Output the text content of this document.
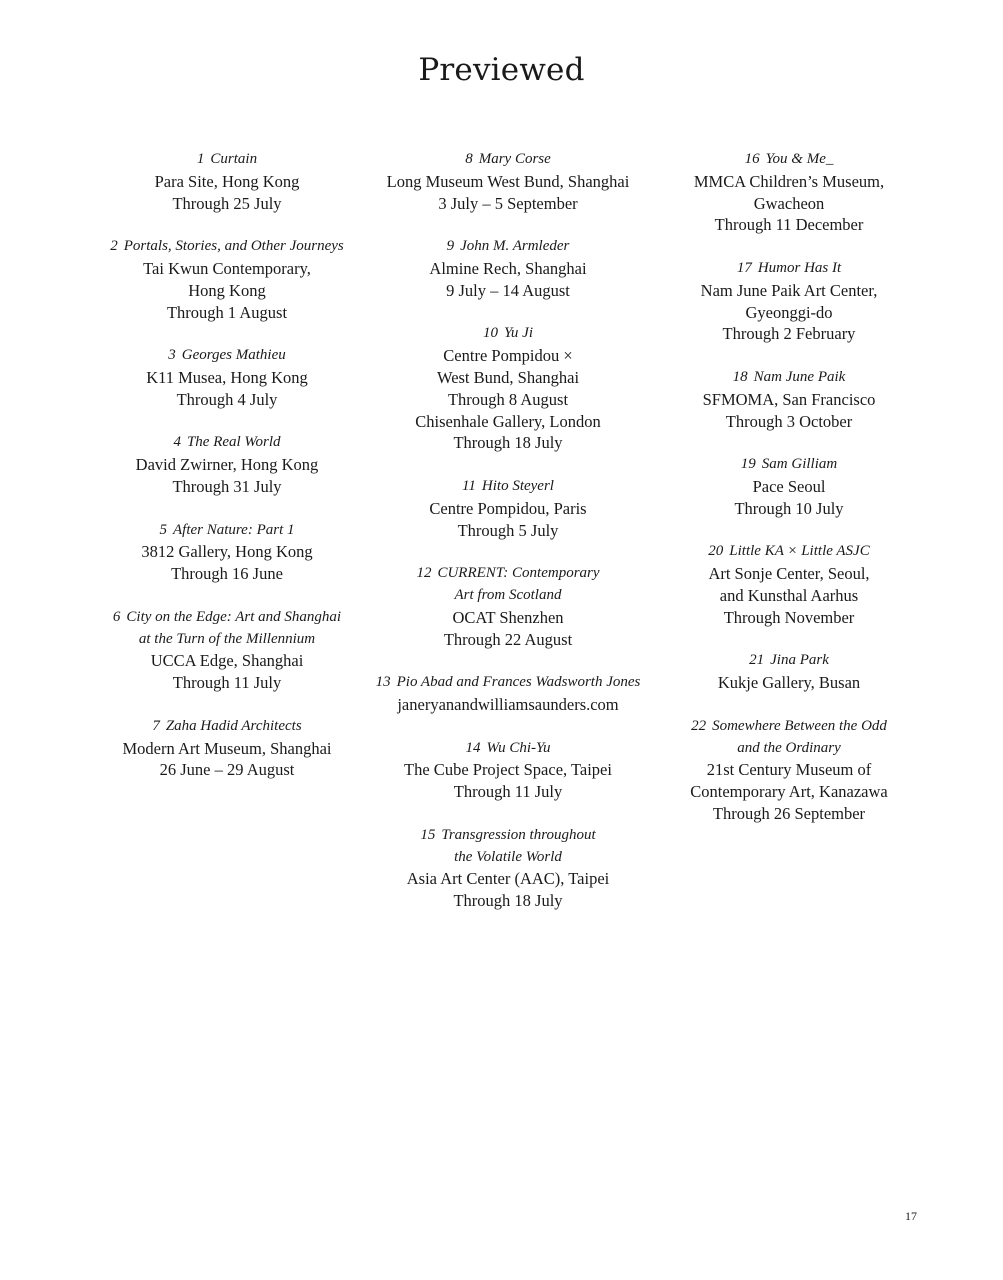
Previewed
1 Curtain
Para Site, Hong Kong
Through 25 July
2 Portals, Stories, and Other Journeys
Tai Kwun Contemporary,
Hong Kong
Through 1 August
3 Georges Mathieu
K11 Musea, Hong Kong
Through 4 July
4 The Real World
David Zwirner, Hong Kong
Through 31 July
5 After Nature: Part 1
3812 Gallery, Hong Kong
Through 16 June
6 City on the Edge: Art and Shanghai
at the Turn of the Millennium
UCCA Edge, Shanghai
Through 11 July
7 Zaha Hadid Architects
Modern Art Museum, Shanghai
26 June – 29 August
8 Mary Corse
Long Museum West Bund, Shanghai
3 July – 5 September
9 John M. Armleder
Almine Rech, Shanghai
9 July – 14 August
10 Yu Ji
Centre Pompidou ×
West Bund, Shanghai
Through 8 August
Chisenhale Gallery, London
Through 18 July
11 Hito Steyerl
Centre Pompidou, Paris
Through 5 July
12 CURRENT: Contemporary
Art from Scotland
OCAT Shenzhen
Through 22 August
13 Pio Abad and Frances Wadsworth Jones
janeryanandwilliamsaunders.com
14 Wu Chi-Yu
The Cube Project Space, Taipei
Through 11 July
15 Transgression throughout
the Volatile World
Asia Art Center (AAC), Taipei
Through 18 July
16 You & Me_
MMCA Children’s Museum,
Gwacheon
Through 11 December
17 Humor Has It
Nam June Paik Art Center,
Gyeonggi-do
Through 2 February
18 Nam June Paik
SFMOMA, San Francisco
Through 3 October
19 Sam Gilliam
Pace Seoul
Through 10 July
20 Little KA × Little ASJC
Art Sonje Center, Seoul,
and Kunsthal Aarhus
Through November
21 Jina Park
Kukje Gallery, Busan
22 Somewhere Between the Odd
and the Ordinary
21st Century Museum of
Contemporary Art, Kanazawa
Through 26 September
17
